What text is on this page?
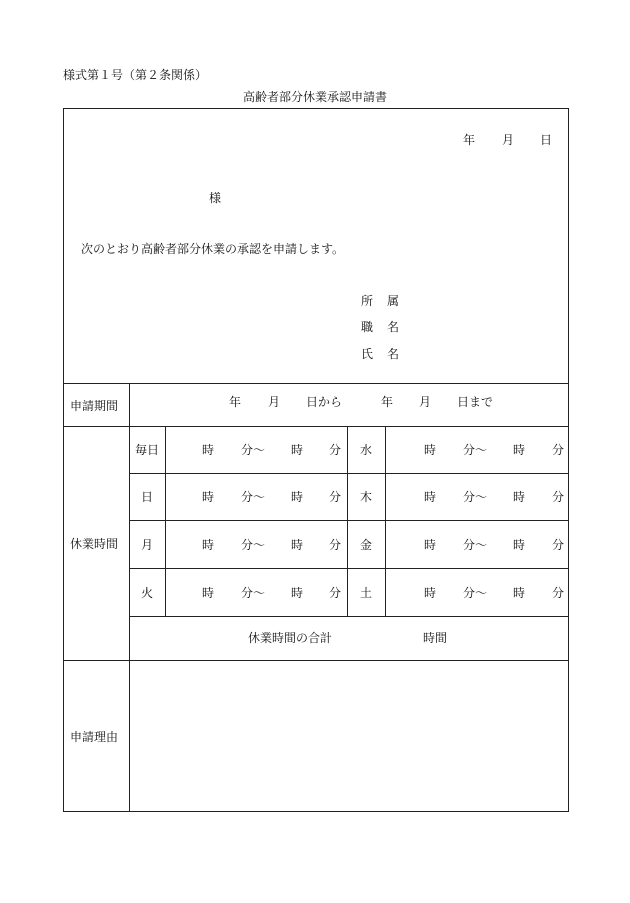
様式第１号（第２条関係）
高齢者部分休業承認申請書
年 月 日
様
次のとおり高齢者部分休業の承認を申請します。
所 属
職 名
氏 名
申請期間	年 月 日から	年 月 日まで
休業時間
毎日	時 分～ 時 分 水	時 分～ 時 分
日	時 分～ 時 分 木	時 分～ 時 分
月	時 分～ 時 分 金	時 分～ 時 分
火	時 分～ 時 分 土	時 分～ 時 分
休業時間の合計	時間
申請理由
